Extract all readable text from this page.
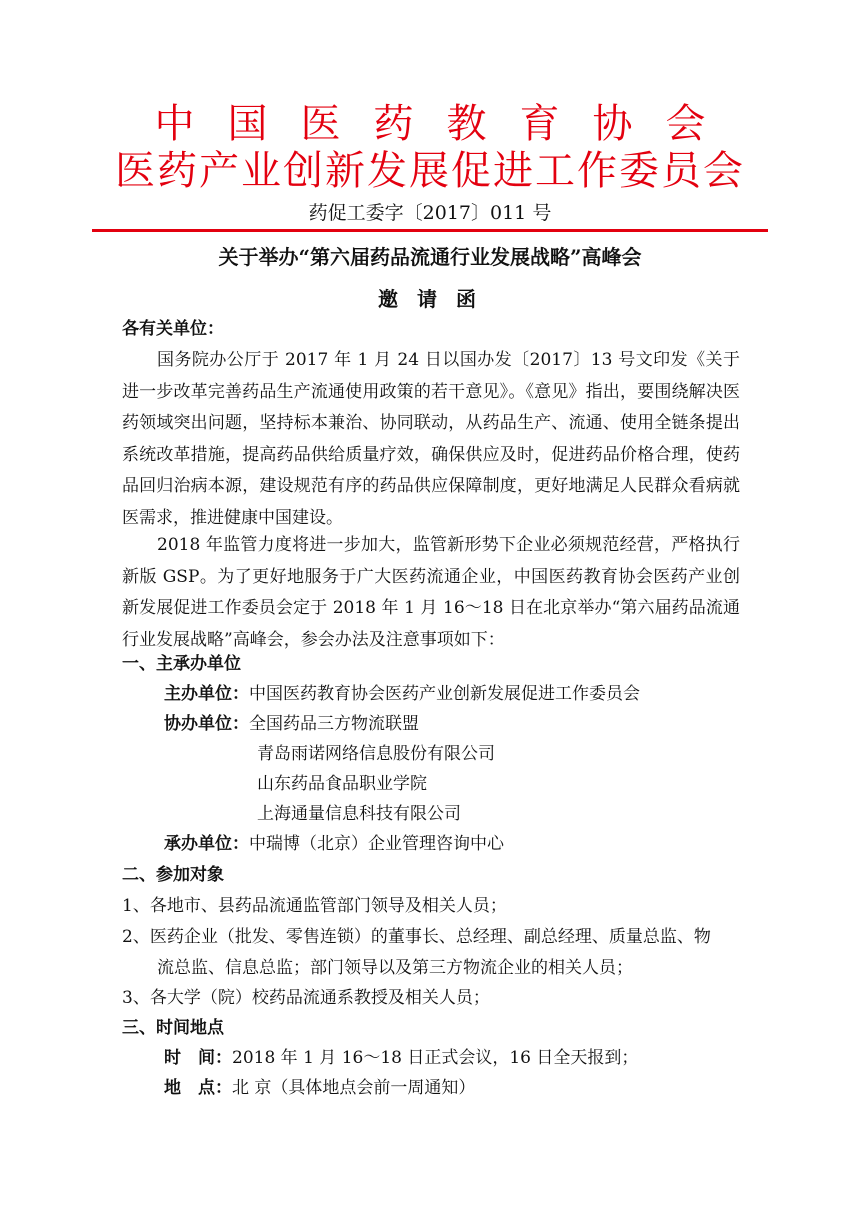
中国医药教育协会
医药产业创新发展促进工作委员会
药促工委字〔2017〕011 号
关于举办“第六届药品流通行业发展战略”高峰会
邀 请 函
各有关单位：
国务院办公厅于 2017 年 1 月 24 日以国办发〔2017〕13 号文印发《关于进一步改革完善药品生产流通使用政策的若干意见》。《意见》指出，要围绕解决医药领域突出问题，坚持标本兼治、协同联动，从药品生产、流通、使用全链条提出系统改革措施，提高药品供给质量疗效，确保供应及时，促进药品价格合理，使药品回归治病本源，建设规范有序的药品供应保障制度，更好地满足人民群众看病就医需求，推进健康中国建设。
2018 年监管力度将进一步加大，监管新形势下企业必须规范经营，严格执行新版 GSP。为了更好地服务于广大医药流通企业，中国医药教育协会医药产业创新发展促进工作委员会定于 2018 年 1 月 16～18 日在北京举办“第六届药品流通行业发展战略”高峰会，参会办法及注意事项如下：
一、主承办单位
主办单位：中国医药教育协会医药产业创新发展促进工作委员会
协办单位：全国药品三方物流联盟
青岛雨诺网络信息股份有限公司
山东药品食品职业学院
上海通量信息科技有限公司
承办单位：中瑞博（北京）企业管理咨询中心
二、参加对象
1、各地市、县药品流通监管部门领导及相关人员；
2、医药企业（批发、零售连锁）的董事长、总经理、副总经理、质量总监、物
流总监、信息总监；部门领导以及第三方物流企业的相关人员；
3、各大学（院）校药品流通系教授及相关人员；
三、时间地点
时　间：2018 年 1 月 16～18 日正式会议，16 日全天报到；
地　点：北 京（具体地点会前一周通知）
